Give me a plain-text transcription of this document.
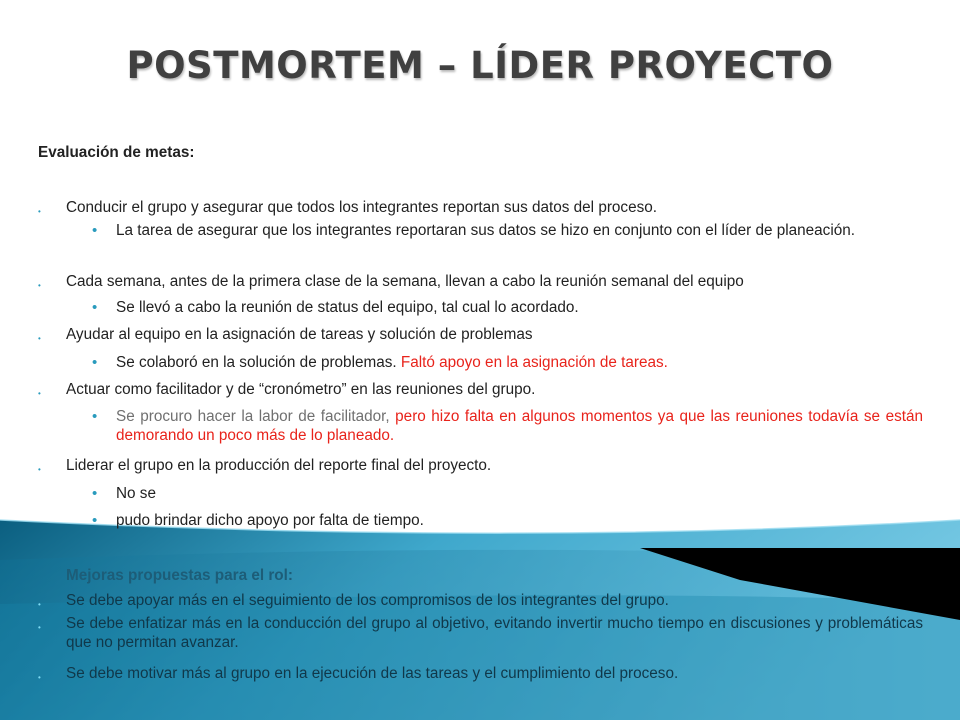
POSTMORTEM – LÍDER PROYECTO

Evaluación de metas:

• Conducir el grupo y asegurar que todos los integrantes reportan sus datos del proceso.

• La tarea de asegurar que los integrantes reportaran sus datos se hizo en conjunto con el líder de planeación.

• Cada semana, antes de la primera clase de la semana, llevan a cabo la reunión semanal del equipo

• Se llevó a cabo la reunión de status del equipo, tal cual lo acordado.

• Ayudar al equipo en la asignación de tareas y solución de problemas

• Se colaboró en la solución de problemas. Faltó apoyo en la asignación de tareas.

• Actuar como facilitador y de “cronómetro” en las reuniones del grupo.

• Se procuro hacer la labor de facilitador, pero hizo falta en algunos momentos ya que las reuniones todavía se están demorando un poco más de lo planeado.

• Liderar el grupo en la producción del reporte final del proyecto.

• No se

• pudo brindar dicho apoyo por falta de tiempo.

Mejoras propuestas para el rol:

• Se debe apoyar más en el seguimiento de los compromisos de los integrantes del grupo.

• Se debe enfatizar más en la conducción del grupo al objetivo, evitando invertir mucho tiempo en discusiones y problemáticas que no permitan avanzar.

• Se debe motivar más al grupo en la ejecución de las tareas y el cumplimiento del proceso.
